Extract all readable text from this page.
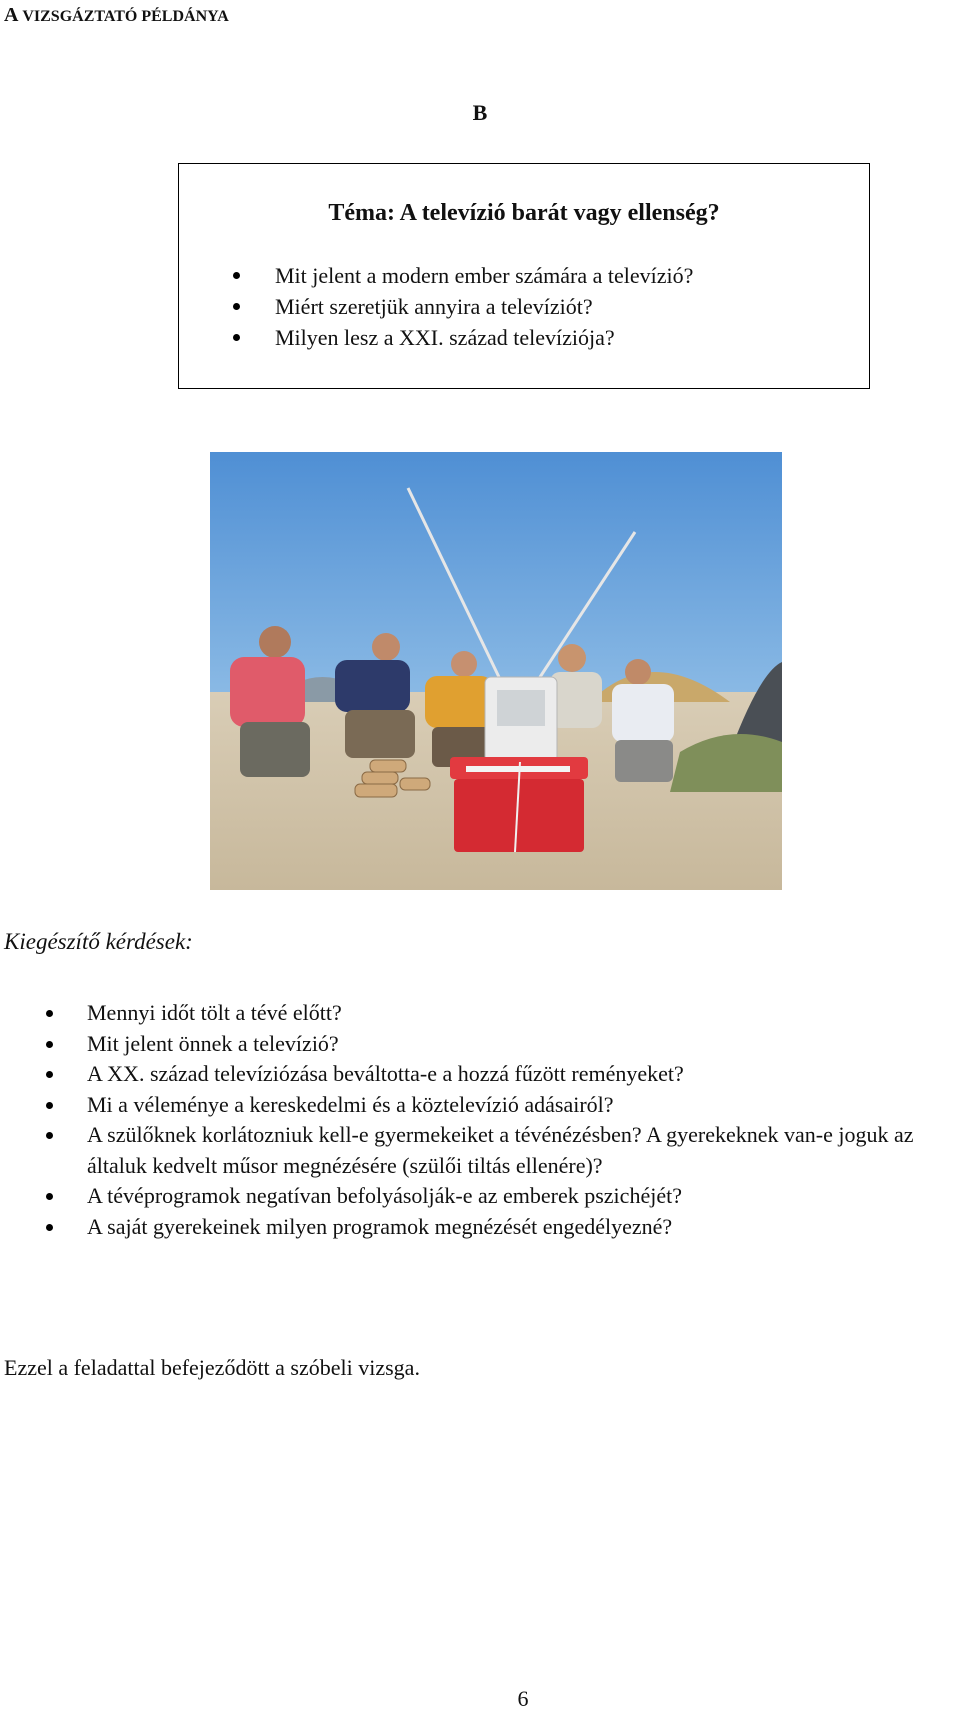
A VIZSGÁZTATÓ PÉLDÁNYA
B
Téma: A televízió barát vagy ellenség?
Mit jelent a modern ember számára a televízió?
Miért szeretjük annyira a televíziót?
Milyen lesz a XXI. század televíziója?
Kiegészítő kérdések:
Mennyi időt tölt a tévé előtt?
Mit jelent önnek a televízió?
A XX. század televíziózása beváltotta-e a hozzá fűzött reményeket?
Mi a véleménye a kereskedelmi és a köztelevízió adásairól?
A szülőknek korlátozniuk kell-e gyermekeiket a tévénézésben? A gyerekeknek van-e joguk az általuk kedvelt műsor megnézésére (szülői tiltás ellenére)?
A tévéprogramok negatívan befolyásolják-e az emberek pszichéjét?
A saját gyerekeinek milyen programok megnézését engedélyezné?
Ezzel a feladattal befejeződött a szóbeli vizsga.
6
